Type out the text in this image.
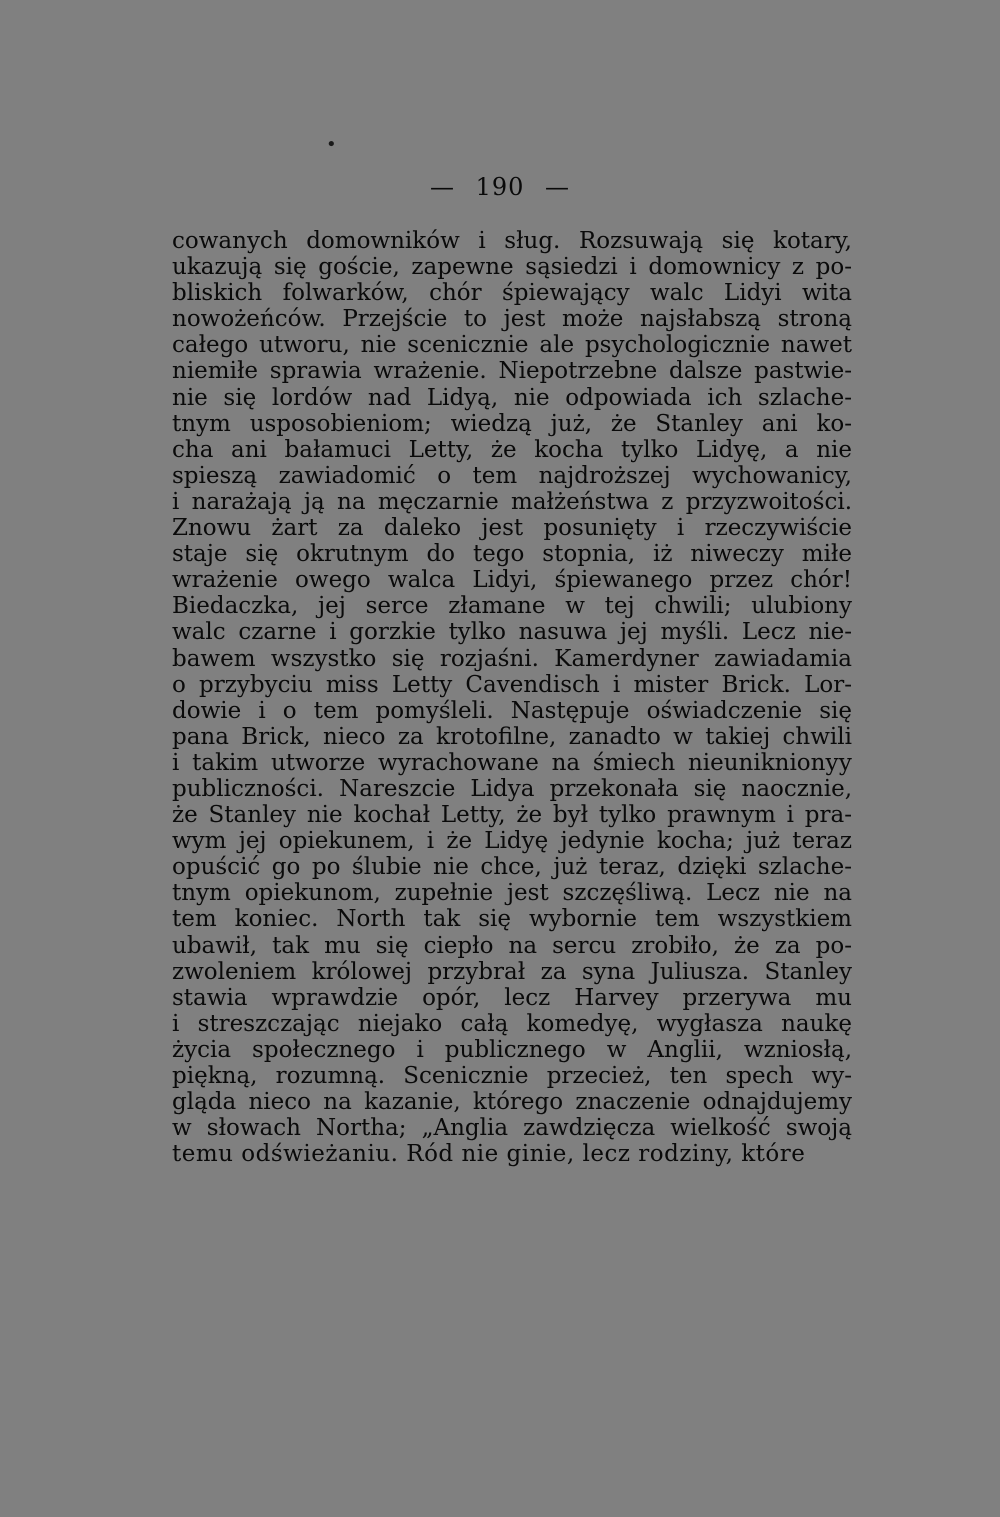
•
— 190 —
cowanych domowników i sług. Rozsuwają się kotary,
ukazują się goście, zapewne sąsiedzi i domownicy z po-
bliskich folwarków, chór śpiewający walc Lidyi wita
nowożeńców. Przejście to jest może najsłabszą stroną
całego utworu, nie scenicznie ale psychologicznie nawet
niemiłe sprawia wrażenie. Niepotrzebne dalsze pastwie-
nie się lordów nad Lidyą, nie odpowiada ich szlache-
tnym usposobieniom; wiedzą już, że Stanley ani ko-
cha ani bałamuci Letty, że kocha tylko Lidyę, a nie
spieszą zawiadomić o tem najdroższej wychowanicy,
i narażają ją na męczarnie małżeństwa z przyzwoitości.
Znowu żart za daleko jest posunięty i rzeczywiście
staje się okrutnym do tego stopnia, iż niweczy miłe
wrażenie owego walca Lidyi, śpiewanego przez chór!
Biedaczka, jej serce złamane w tej chwili; ulubiony
walc czarne i gorzkie tylko nasuwa jej myśli. Lecz nie-
bawem wszystko się rozjaśni. Kamerdyner zawiadamia
o przybyciu miss Letty Cavendisch i mister Brick. Lor-
dowie i o tem pomyśleli. Następuje oświadczenie się
pana Brick, nieco za krotofilne, zanadto w takiej chwili
i takim utworze wyrachowane na śmiech nieuniknionyу
publiczności. Nareszcie Lidya przekonała się naocznie,
że Stanley nie kochał Letty, że był tylko prawnym i pra-
wym jej opiekunem, i że Lidyę jedynie kocha; już teraz
opuścić go po ślubie nie chce, już teraz, dzięki szlache-
tnym opiekunom, zupełnie jest szczęśliwą. Lecz nie na
tem koniec. North tak się wybornie tem wszystkiem
ubawił, tak mu się ciepło na sercu zrobiło, że za po-
zwoleniem królowej przybrał za syna Juliusza. Stanley
stawia wprawdzie opór, lecz Harvey przerywa mu
i streszczając niejako całą komedyę, wygłasza naukę
życia społecznego i publicznego w Anglii, wzniosłą,
piękną, rozumną. Scenicznie przecież, ten spech wy-
gląda nieco na kazanie, którego znaczenie odnajdujemy
w słowach Northa; „Anglia zawdzięcza wielkość swoją
temu odświeżaniu. Ród nie ginie, lecz rodziny, które
